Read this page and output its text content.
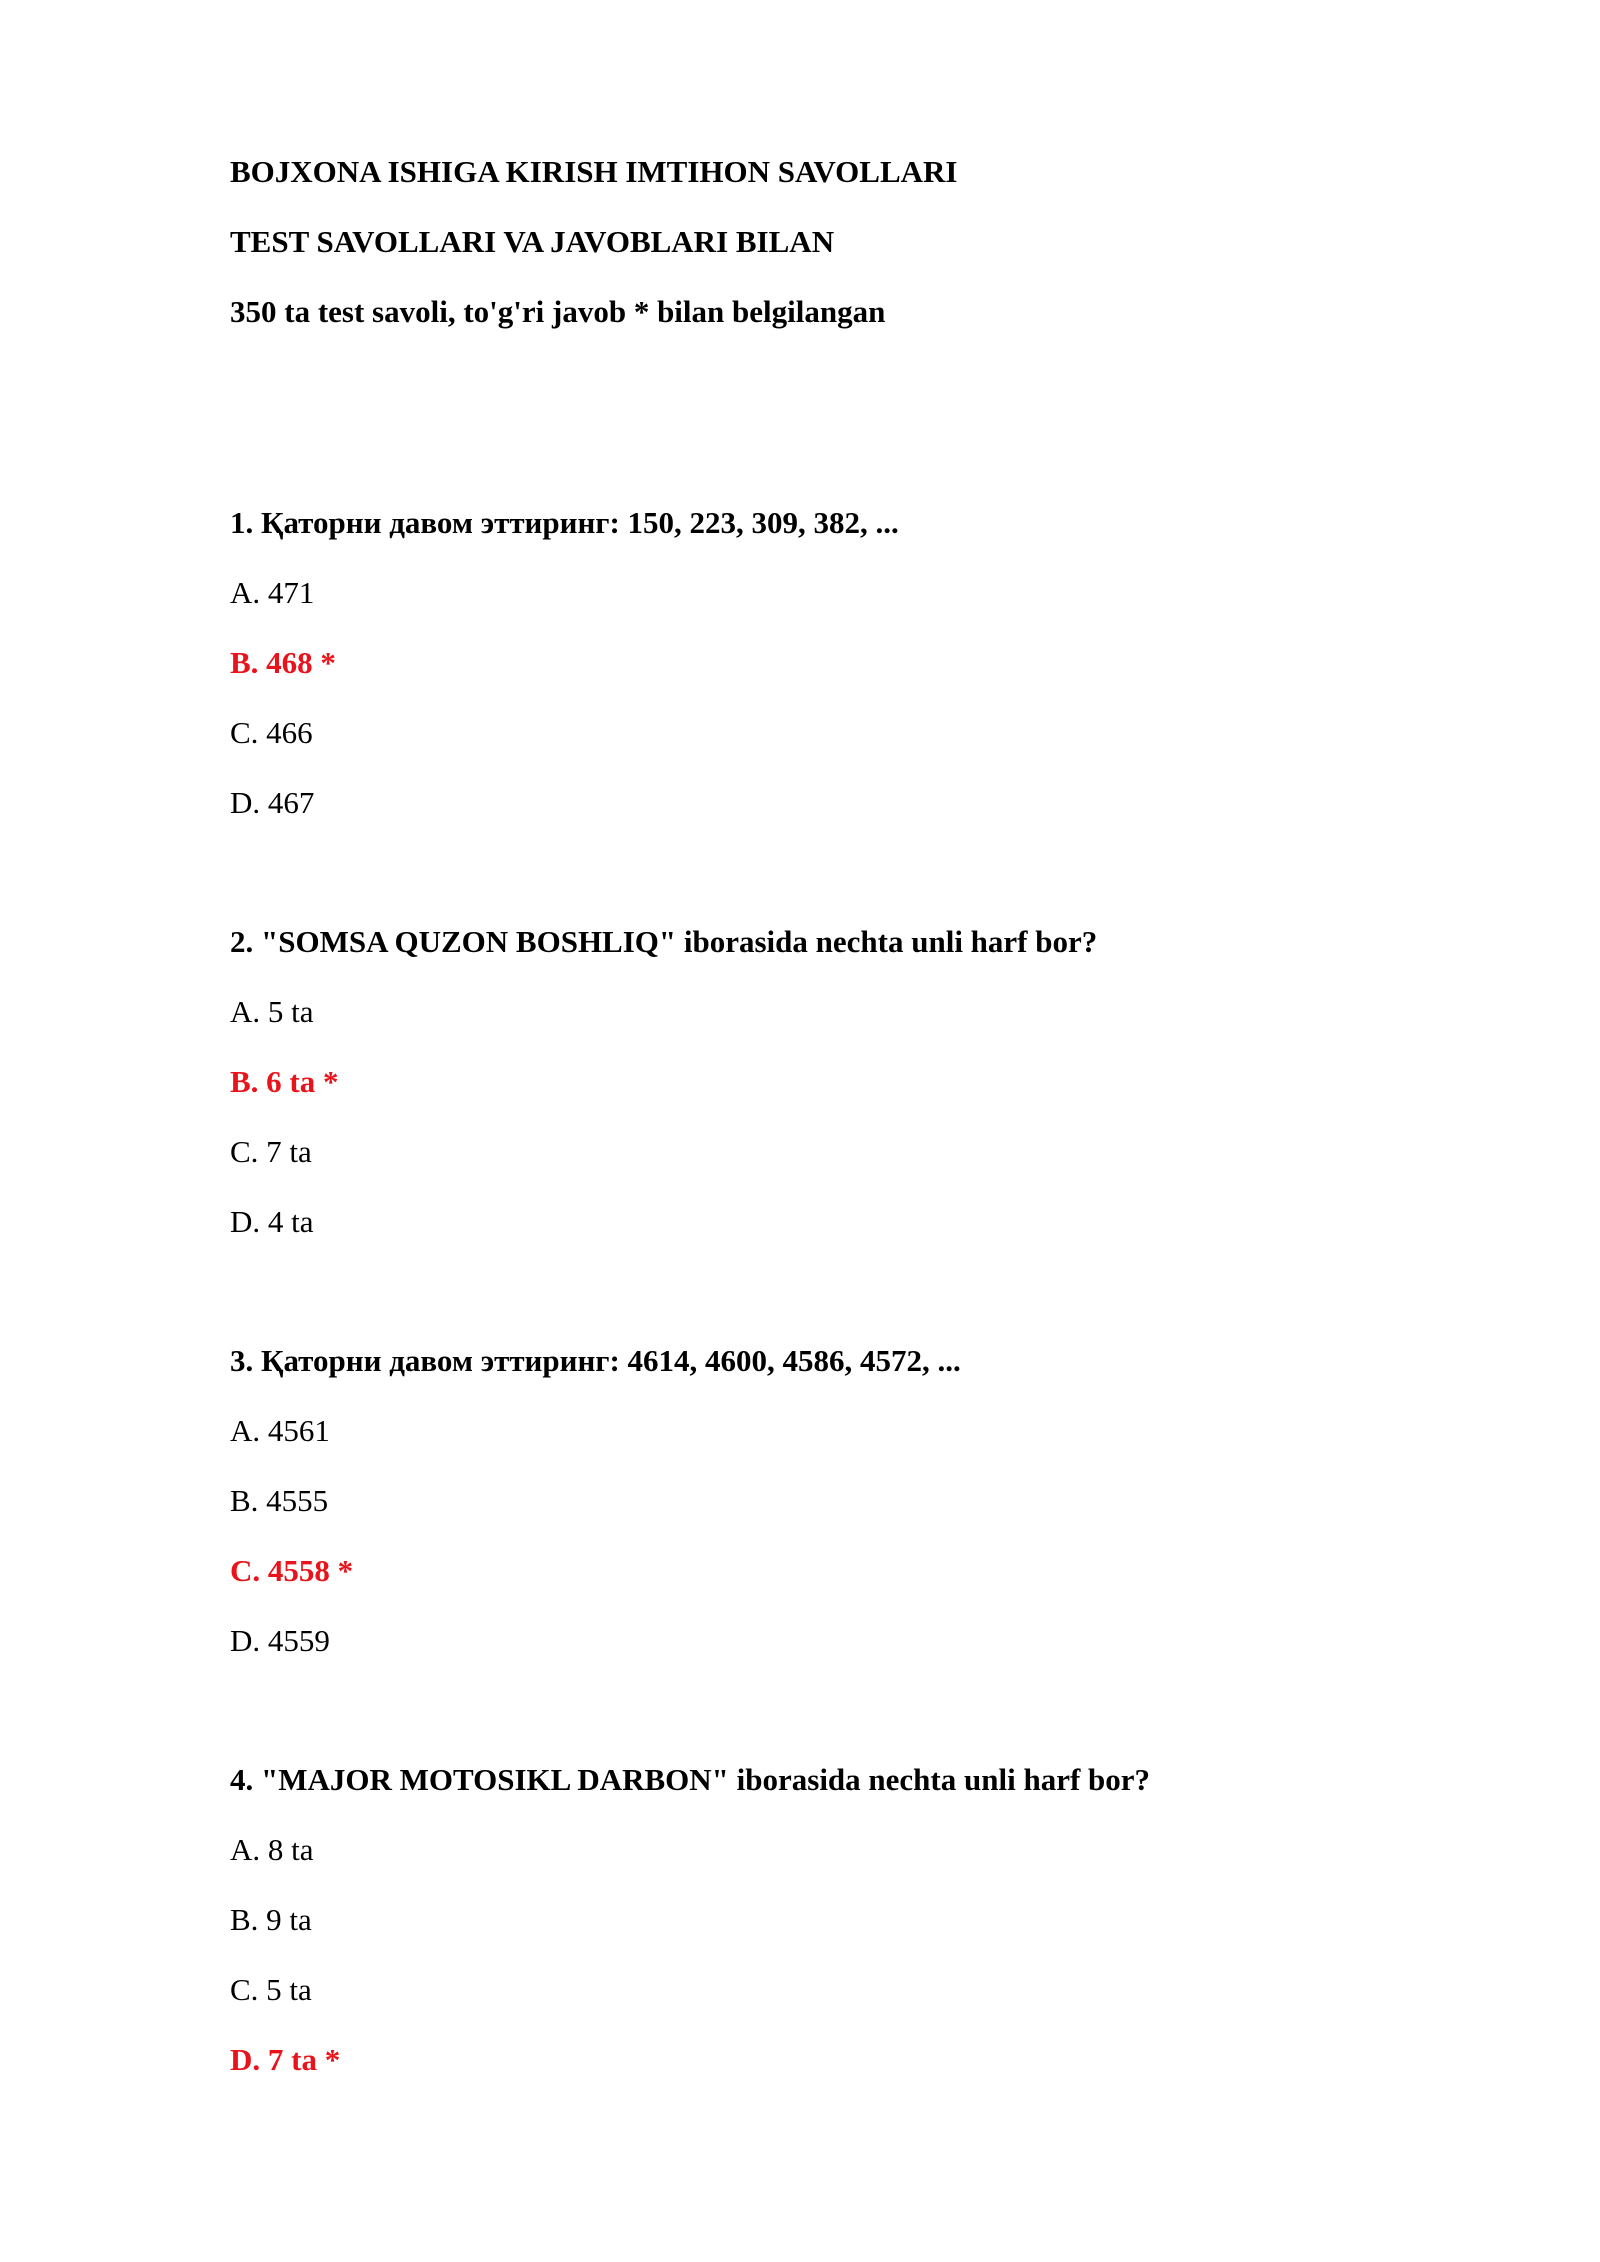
BOJXONA ISHIGA KIRISH IMTIHON SAVOLLARI
TEST SAVOLLARI VA JAVOBLARI BILAN
350 ta test savoli, to'g'ri javob * bilan belgilangan
1. Қаторни давом эттиринг: 150, 223, 309, 382, ...
A. 471
B. 468 *
C. 466
D. 467
2. "SOMSA QUZON BOSHLIQ" iborasida nechta unli harf bor?
A. 5 ta
B. 6 ta *
C. 7 ta
D. 4 ta
3. Қаторни давом эттиринг: 4614, 4600, 4586, 4572, ...
A. 4561
B. 4555
C. 4558 *
D. 4559
4. "MAJOR MOTOSIKL DARBON" iborasida nechta unli harf bor?
A. 8 ta
B. 9 ta
C. 5 ta
D. 7 ta *
